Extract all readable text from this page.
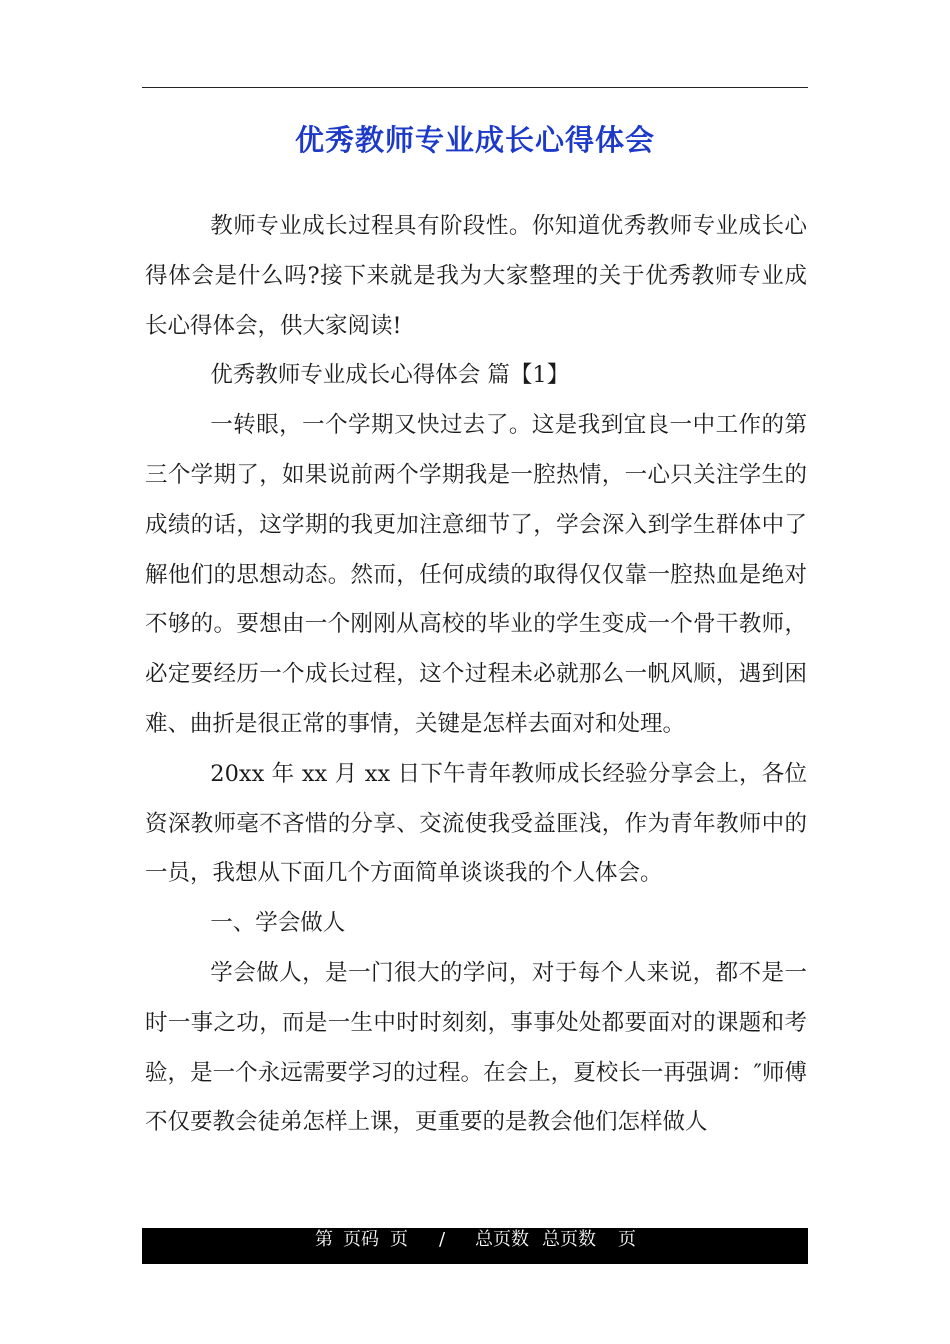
优秀教师专业成长心得体会

教师专业成长过程具有阶段性。你知道优秀教师专业成长心得体会是什么吗?接下来就是我为大家整理的关于优秀教师专业成长心得体会，供大家阅读!

优秀教师专业成长心得体会 篇【1】

一转眼，一个学期又快过去了。这是我到宜良一中工作的第三个学期了，如果说前两个学期我是一腔热情，一心只关注学生的成绩的话，这学期的我更加注意细节了，学会深入到学生群体中了解他们的思想动态。然而，任何成绩的取得仅仅靠一腔热血是绝对不够的。要想由一个刚刚从高校的毕业的学生变成一个骨干教师，必定要经历一个成长过程，这个过程未必就那么一帆风顺，遇到困难、曲折是很正常的事情，关键是怎样去面对和处理。

20xx 年 xx 月 xx 日下午青年教师成长经验分享会上，各位资深教师毫不吝惜的分享、交流使我受益匪浅，作为青年教师中的一员，我想从下面几个方面简单谈谈我的个人体会。

一、学会做人

学会做人，是一门很大的学问，对于每个人来说，都不是一时一事之功，而是一生中时时刻刻，事事处处都要面对的课题和考验，是一个永远需要学习的过程。在会上，夏校长一再强调：″师傅不仅要教会徒弟怎样上课，更重要的是教会他们怎样做人

第 页码 页 / 总页数 总页数 页
